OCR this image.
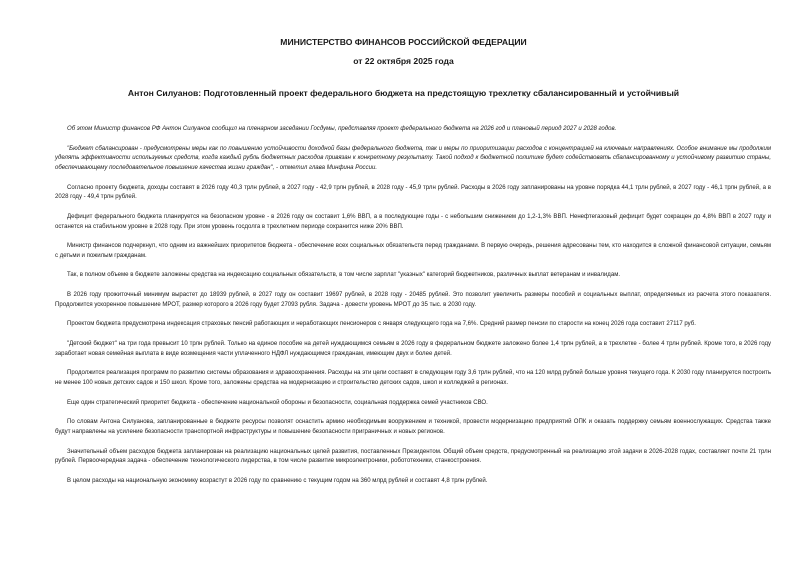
МИНИСТЕРСТВО ФИНАНСОВ РОССИЙСКОЙ ФЕДЕРАЦИИ

от 22 октября 2025 года

Антон Силуанов: Подготовленный проект федерального бюджета на предстоящую трехлетку сбалансированный и устойчивый

Об этом Министр финансов РФ Антон Силуанов сообщил на пленарном заседании Госдумы, представляя проект федерального бюджета на 2026 год и плановый период 2027 и 2028 годов.

"Бюджет сбалансирован - предусмотрены меры как по повышению устойчивости доходной базы федерального бюджета, так и меры по приоритизации расходов с концентрацией на ключевых направлениях. Особое внимание мы продолжим уделять эффективности используемых средств, когда каждый рубль бюджетных расходов привязан к конкретному результату. Такой подход к бюджетной политике будет содействовать сбалансированному и устойчивому развитию страны, обеспечивающему последовательное повышение качества жизни граждан", - отметил глава Минфина России.

Согласно проекту бюджета, доходы составят в 2026 году 40,3 трлн рублей, в 2027 году - 42,9 трлн рублей, в 2028 году - 45,9 трлн рублей. Расходы в 2026 году запланированы на уровне порядка 44,1 трлн рублей, в 2027 году - 46,1 трлн рублей, а в 2028 году - 49,4 трлн рублей.

Дефицит федерального бюджета планируется на безопасном уровне - в 2026 году он составит 1,6% ВВП, а в последующие годы - с небольшим снижением до 1,2-1,3% ВВП. Ненефтегазовый дефицит будет сокращен до 4,8% ВВП в 2027 году и останется на стабильном уровне в 2028 году. При этом уровень госдолга в трехлетнем периоде сохранится ниже 20% ВВП.

Министр финансов подчеркнул, что одним из важнейших приоритетов бюджета - обеспечение всех социальных обязательств перед гражданами. В первую очередь, решения адресованы тем, кто находится в сложной финансовой ситуации, семьям с детьми и пожилым гражданам.

Так, в полном объеме в бюджете заложены средства на индексацию социальных обязательств, в том числе зарплат "указных" категорий бюджетников, различных выплат ветеранам и инвалидам.

В 2026 году прожиточный минимум вырастет до 18939 рублей, в 2027 году он составит 19697 рублей, в 2028 году - 20485 рублей. Это позволит увеличить размеры пособий и социальных выплат, определяемых из расчета этого показателя. Продолжится ускоренное повышение МРОТ, размер которого в 2026 году будет 27093 рубля. Задача - довести уровень МРОТ до 35 тыс. в 2030 году.

Проектом бюджета предусмотрена индексация страховых пенсий работающих и неработающих пенсионеров с января следующего года на 7,6%. Средний размер пенсии по старости на конец 2026 года составит 27117 руб.

"Детский бюджет" на три года превысит 10 трлн рублей. Только на единое пособие на детей нуждающимся семьям в 2026 году в федеральном бюджете заложено более 1,4 трлн рублей, а в трехлетке - более 4 трлн рублей. Кроме того, в 2026 году заработает новая семейная выплата в виде возмещения части уплаченного НДФЛ нуждающимся гражданам, имеющим двух и более детей.

Продолжится реализация программ по развитию системы образования и здравоохранения. Расходы на эти цели составят в следующем году 3,6 трлн рублей, что на 120 млрд рублей больше уровня текущего года. К 2030 году планируется построить не менее 100 новых детских садов и 150 школ. Кроме того, заложены средства на модернизацию и строительство детских садов, школ и колледжей в регионах.

Еще один стратегический приоритет бюджета - обеспечение национальной обороны и безопасности, социальная поддержка семей участников СВО.

По словам Антона Силуанова, запланированные в бюджете ресурсы позволят оснастить армию необходимым вооружением и техникой, провести модернизацию предприятий ОПК и оказать поддержку семьям военнослужащих. Средства также будут направлены на усиление безопасности транспортной инфраструктуры и повышение безопасности приграничных и новых регионов.

Значительный объем расходов бюджета запланирован на реализацию национальных целей развития, поставленных Президентом. Общий объем средств, предусмотренный на реализацию этой задачи в 2026-2028 годах, составляет почти 21 трлн рублей. Первоочередная задача - обеспечение технологического лидерства, в том числе развитие микроэлектроники, робототехники, станкостроения.

В целом расходы на национальную экономику возрастут в 2026 году по сравнению с текущим годом на 360 млрд рублей и составят 4,8 трлн рублей.
